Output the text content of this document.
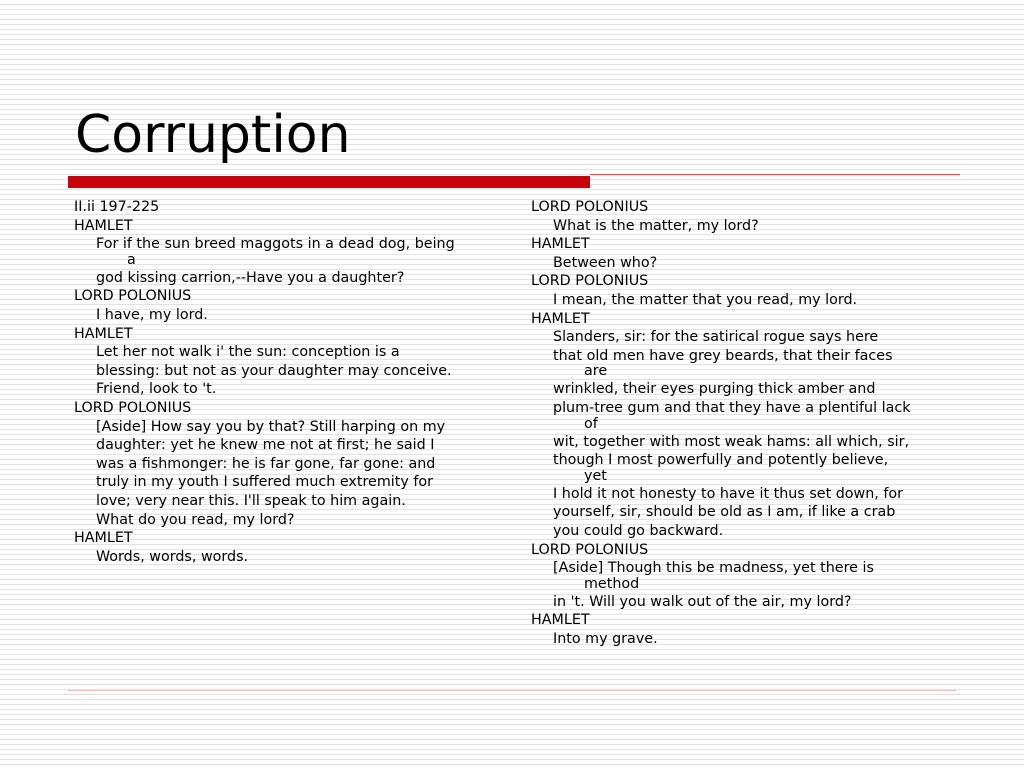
Corruption
II.ii 197-225
HAMLET
For if the sun breed maggots in a dead dog, being
a
god kissing carrion,--Have you a daughter?
LORD POLONIUS
I have, my lord.
HAMLET
Let her not walk i' the sun: conception is a
blessing: but not as your daughter may conceive.
Friend, look to 't.
LORD POLONIUS
[Aside] How say you by that? Still harping on my
daughter: yet he knew me not at first; he said I
was a fishmonger: he is far gone, far gone: and
truly in my youth I suffered much extremity for
love; very near this. I'll speak to him again.
What do you read, my lord?
HAMLET
Words, words, words.
LORD POLONIUS
What is the matter, my lord?
HAMLET
Between who?
LORD POLONIUS
I mean, the matter that you read, my lord.
HAMLET
Slanders, sir: for the satirical rogue says here
that old men have grey beards, that their faces
are
wrinkled, their eyes purging thick amber and
plum-tree gum and that they have a plentiful lack
of
wit, together with most weak hams: all which, sir,
though I most powerfully and potently believe,
yet
I hold it not honesty to have it thus set down, for
yourself, sir, should be old as I am, if like a crab
you could go backward.
LORD POLONIUS
[Aside] Though this be madness, yet there is
method
in 't. Will you walk out of the air, my lord?
HAMLET
Into my grave.
